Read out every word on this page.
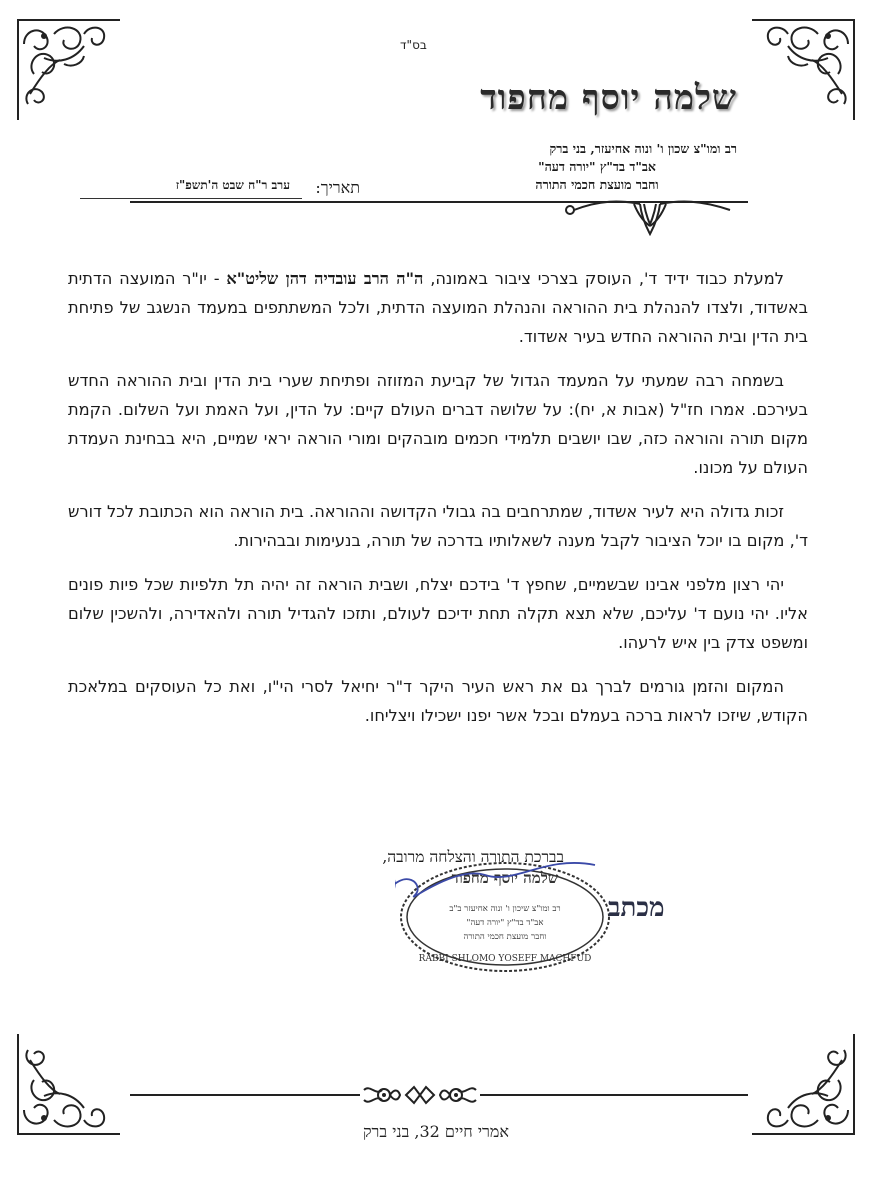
בס"ד
שלמה יוסף מחפוד
רב ומו"צ שכון ו' ונוה אחיעזר, בני ברק
אב"ד בד"ץ "יורה דעה"
וחבר מועצת חכמי התורה
תאריך:
ערב ר"ח שבט ה'תשפ"ז

למעלת כבוד ידיד ד', העוסק בצרכי ציבור באמונה, ה"ה הרב עובדיה דהן שליט"א - יו"ר המועצה הדתית באשדוד, ולצדו להנהלת בית ההוראה והנהלת המועצה הדתית, ולכל המשתתפים במעמד הנשגב של פתיחת בית הדין ובית ההוראה החדש בעיר אשדוד.

בשמחה רבה שמעתי על המעמד הגדול של קביעת המזוזה ופתיחת שערי בית הדין ובית ההוראה החדש בעירכם. אמרו חז"ל (אבות א, יח): על שלושה דברים העולם קיים: על הדין, ועל האמת ועל השלום. הקמת מקום תורה והוראה כזה, שבו יושבים תלמידי חכמים מובהקים ומורי הוראה יראי שמיים, היא בבחינת העמדת העולם על מכונו.

זכות גדולה היא לעיר אשדוד, שמתרחבים בה גבולי הקדושה וההוראה. בית הוראה הוא הכתובת לכל דורש ד', מקום בו יוכל הציבור לקבל מענה לשאלותיו בדרכה של תורה, בנעימות ובבהירות.

יהי רצון מלפני אבינו שבשמיים, שחפץ ד' בידכם יצלח, ושבית הוראה זה יהיה תל תלפיות שכל פיות פונים אליו. יהי נועם ד' עליכם, שלא תצא תקלה תחת ידיכם לעולם, ותזכו להגדיל תורה ולהאדירה, ולהשכין שלום ומשפט צדק בין איש לרעהו.

המקום והזמן גורמים לברך גם את ראש העיר היקר ד"ר יחיאל לסרי הי"ו, ואת כל העוסקים במלאכת הקודש, שיזכו לראות ברכה בעמלם ובכל אשר יפנו ישכילו ויצליחו.

בברכת התורה והצלחה מרובה,
שלמה יוסף מחפוד
רב ומו"צ שיכון ו' ונוה אחיעזר ב"ב
אב"ד בד"ץ "יורה דעה"
וחבר מועצת חכמי התורה
RABBI SHLOMO YOSEFF MACHFUD
מכתב
אמרי חיים 32, בני ברק
